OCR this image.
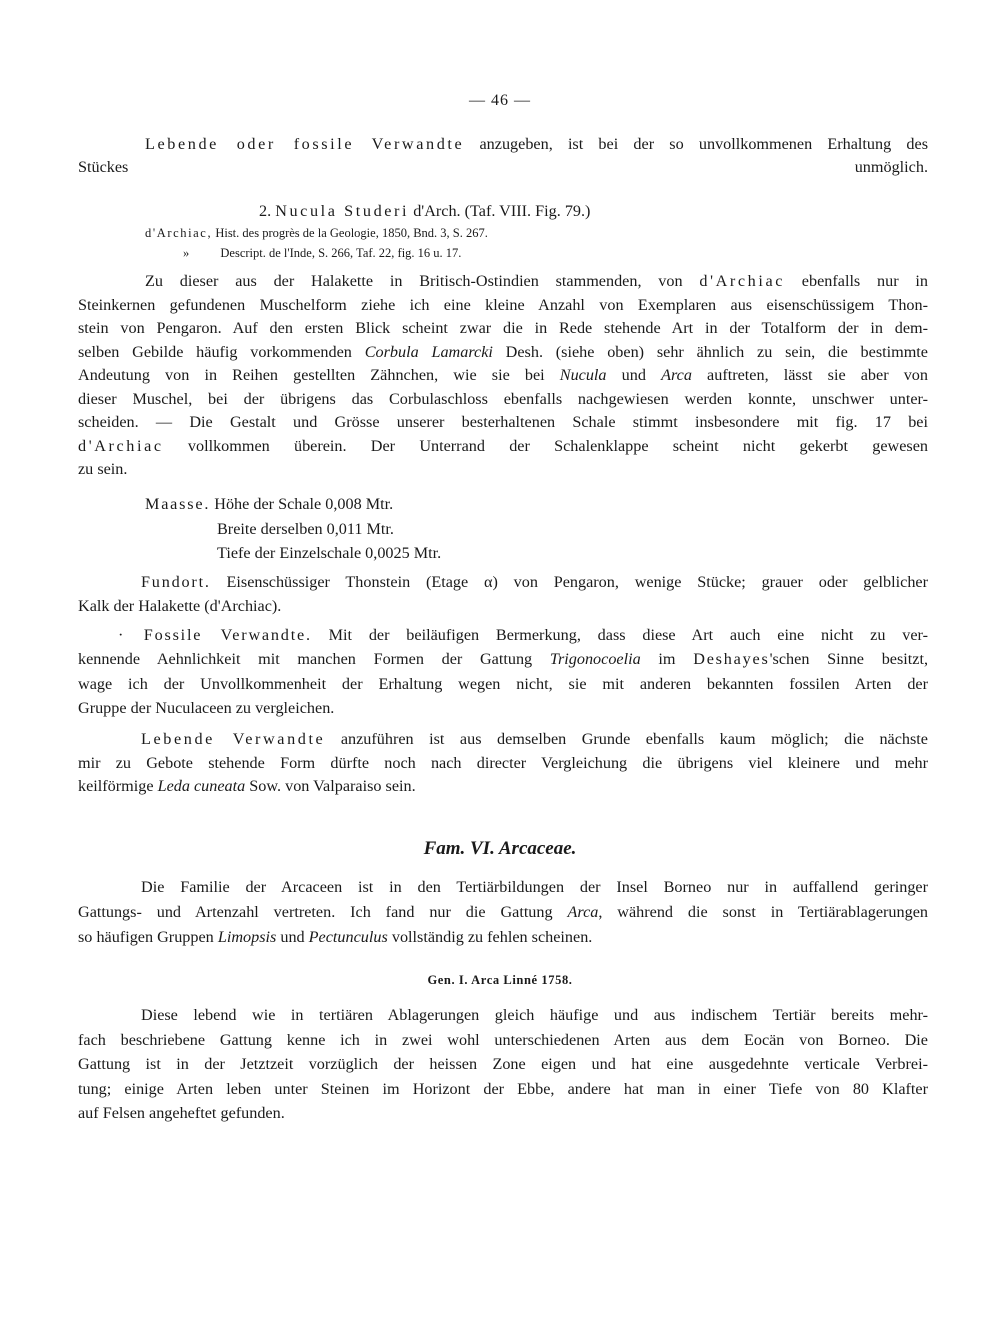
— 46 —

Lebende oder fossile Verwandte anzugeben, ist bei der so unvollkommenen Erhaltung des

Stückes unmöglich.

2. Nucula Studeri d'Arch. (Taf. VIII. Fig. 79.)

d'Archiac, Hist. des progrès de la Geologie, 1850, Bnd. 3, S. 267.

» Descript. de l'Inde, S. 266, Taf. 22, fig. 16 u. 17.

Zu dieser aus der Halakette in Britisch-Ostindien stammenden, von d'Archiac ebenfalls nur in

Steinkernen gefundenen Muschelform ziehe ich eine kleine Anzahl von Exemplaren aus eisenschüssigem Thon-

stein von Pengaron. Auf den ersten Blick scheint zwar die in Rede stehende Art in der Totalform der in dem-

selben Gebilde häufig vorkommenden Corbula Lamarcki Desh. (siehe oben) sehr ähnlich zu sein, die bestimmte

Andeutung von in Reihen gestellten Zähnchen, wie sie bei Nucula und Arca auftreten, lässt sie aber von

dieser Muschel, bei der übrigens das Corbulaschloss ebenfalls nachgewiesen werden konnte, unschwer unter-

scheiden. — Die Gestalt und Grösse unserer besterhaltenen Schale stimmt insbesondere mit fig. 17 bei

d'Archiac vollkommen überein. Der Unterrand der Schalenklappe scheint nicht gekerbt gewesen

zu sein.

Maasse. Höhe der Schale 0,008 Mtr.

Breite derselben 0,011 Mtr.

Tiefe der Einzelschale 0,0025 Mtr.

Fundort. Eisenschüssiger Thonstein (Etage α) von Pengaron, wenige Stücke; grauer oder gelblicher

Kalk der Halakette (d'Archiac).

· Fossile Verwandte. Mit der beiläufigen Bermerkung, dass diese Art auch eine nicht zu ver-

kennende Aehnlichkeit mit manchen Formen der Gattung Trigonocoelia im Deshayes'schen Sinne besitzt,

wage ich der Unvollkommenheit der Erhaltung wegen nicht, sie mit anderen bekannten fossilen Arten der

Gruppe der Nuculaceen zu vergleichen.

Lebende Verwandte anzuführen ist aus demselben Grunde ebenfalls kaum möglich; die nächste

mir zu Gebote stehende Form dürfte noch nach directer Vergleichung die übrigens viel kleinere und mehr

keilförmige Leda cuneata Sow. von Valparaiso sein.

Fam. VI. Arcaceae.

Die Familie der Arcaceen ist in den Tertiärbildungen der Insel Borneo nur in auffallend geringer

Gattungs- und Artenzahl vertreten. Ich fand nur die Gattung Arca, während die sonst in Tertiärablagerungen

so häufigen Gruppen Limopsis und Pectunculus vollständig zu fehlen scheinen.

Gen. I. Arca Linné 1758.

Diese lebend wie in tertiären Ablagerungen gleich häufige und aus indischem Tertiär bereits mehr-

fach beschriebene Gattung kenne ich in zwei wohl unterschiedenen Arten aus dem Eocän von Borneo. Die

Gattung ist in der Jetztzeit vorzüglich der heissen Zone eigen und hat eine ausgedehnte verticale Verbrei-

tung; einige Arten leben unter Steinen im Horizont der Ebbe, andere hat man in einer Tiefe von 80 Klafter

auf Felsen angeheftet gefunden.
